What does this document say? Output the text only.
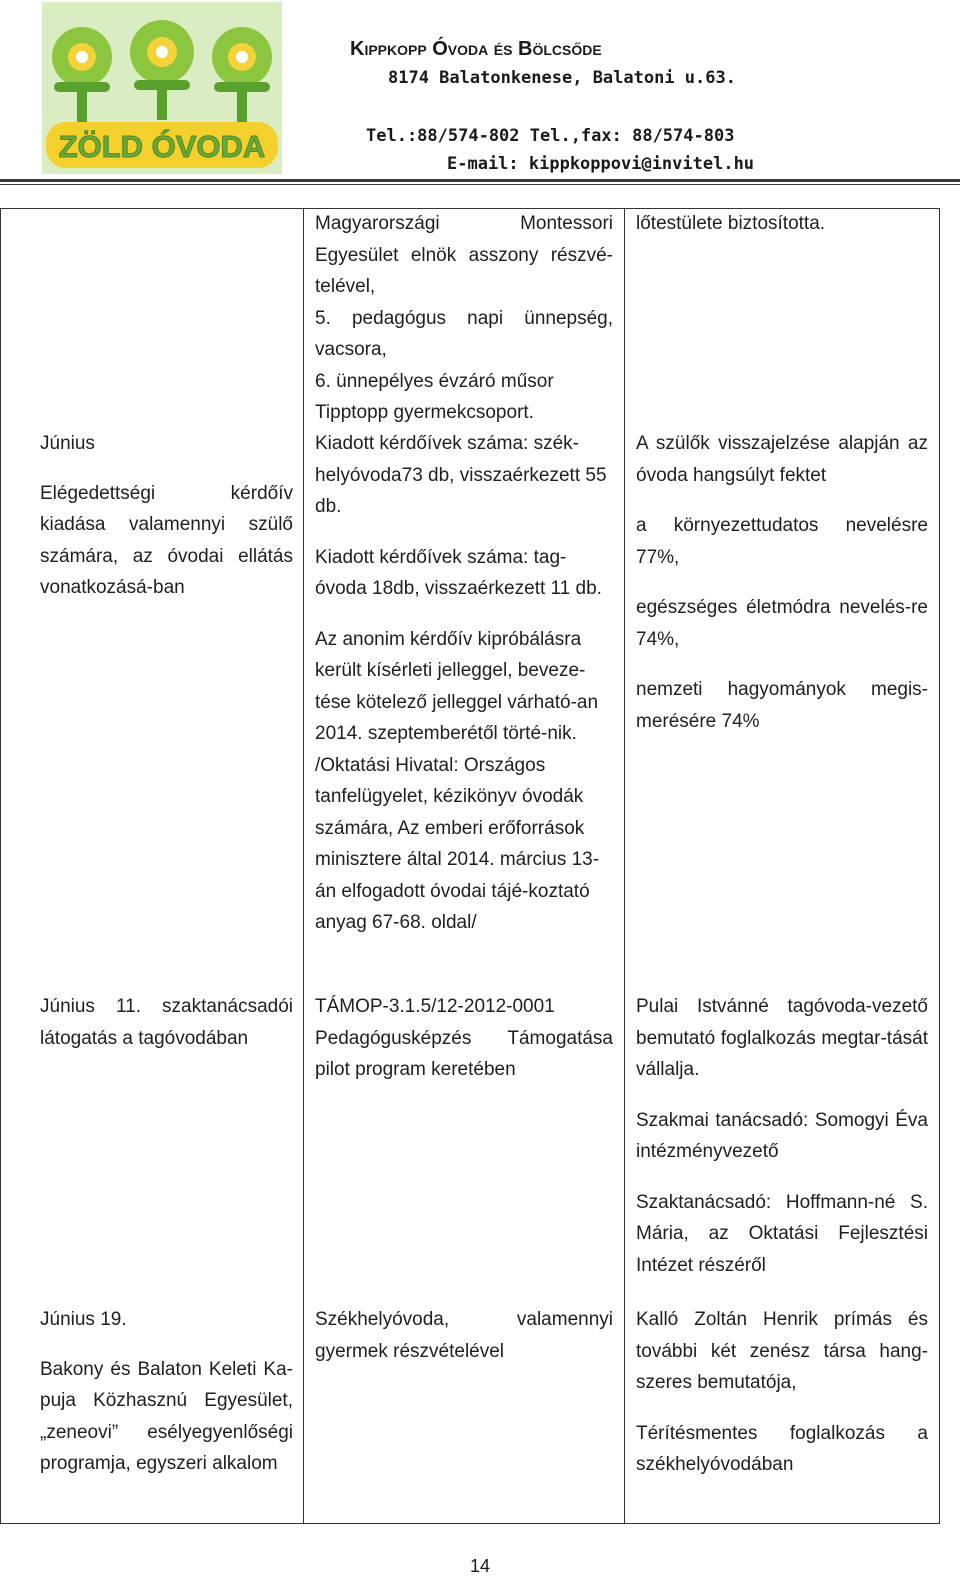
ZÖLD ÓVODA
Kippkopp Óvoda és Bölcsőde
8174 Balatonkenese, Balatoni u.63.
Tel.:88/574-802 Tel.,fax: 88/574-803
E-mail: kippkoppovi@invitel.hu

Magyarországi Montessori Egyesület elnök asszony részvé-telével,

5. pedagógus napi ünnepség, vacsora,

6. ünnepélyes évzáró műsor Tipptopp gyermekcsoport.

lőtestülete biztosította.

Június

Elégedettségi kérdőív kiadása valamennyi szülő számára, az óvodai ellátás vonatkozásá-ban

Kiadott kérdőívek száma: szék-helyóvoda73 db, visszaérkezett 55 db.

Kiadott kérdőívek száma: tag-óvoda 18db, visszaérkezett 11 db.

Az anonim kérdőív kipróbálásra került kísérleti jelleggel, beveze-tése kötelező jelleggel várható-an 2014. szeptemberétől törté-nik. /Oktatási Hivatal: Országos tanfelügyelet, kézikönyv óvodák számára, Az emberi erőforrások minisztere által 2014. március 13-án elfogadott óvodai tájé-koztató anyag 67-68. oldal/

A szülők visszajelzése alapján az óvoda hangsúlyt fektet

a környezettudatos nevelésre 77%,

egészséges életmódra nevelés-re 74%,

nemzeti hagyományok megis-merésére 74%

Június 11. szaktanácsadói látogatás a tagóvodában

TÁMOP-3.1.5/12-2012-0001 Pedagógusképzés Támogatása pilot program keretében

Pulai Istvánné tagóvoda-vezető bemutató foglalkozás megtar-tását vállalja.

Szakmai tanácsadó: Somogyi Éva intézményvezető

Szaktanácsadó: Hoffmann-né S. Mária, az Oktatási Fejlesztési Intézet részéről

Június 19.

Bakony és Balaton Keleti Ka-puja Közhasznú Egyesület, „zeneovi” esélyegyenlőségi programja, egyszeri alkalom

Székhelyóvoda, valamennyi gyermek részvételével

Kalló Zoltán Henrik prímás és további két zenész társa hang-szeres bemutatója,

Térítésmentes foglalkozás a székhelyóvodában

14
